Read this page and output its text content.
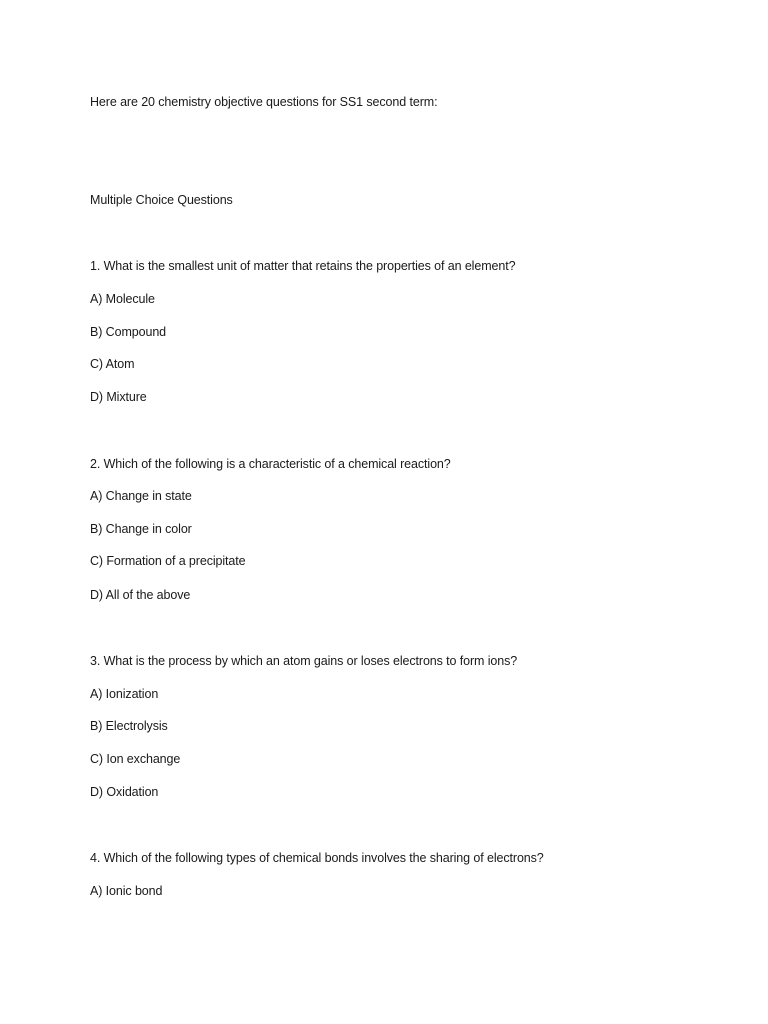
Here are 20 chemistry objective questions for SS1 second term:
Multiple Choice Questions
1. What is the smallest unit of matter that retains the properties of an element?
A) Molecule
B) Compound
C) Atom
D) Mixture
2. Which of the following is a characteristic of a chemical reaction?
A) Change in state
B) Change in color
C) Formation of a precipitate
D) All of the above
3. What is the process by which an atom gains or loses electrons to form ions?
A) Ionization
B) Electrolysis
C) Ion exchange
D) Oxidation
4. Which of the following types of chemical bonds involves the sharing of electrons?
A) Ionic bond
